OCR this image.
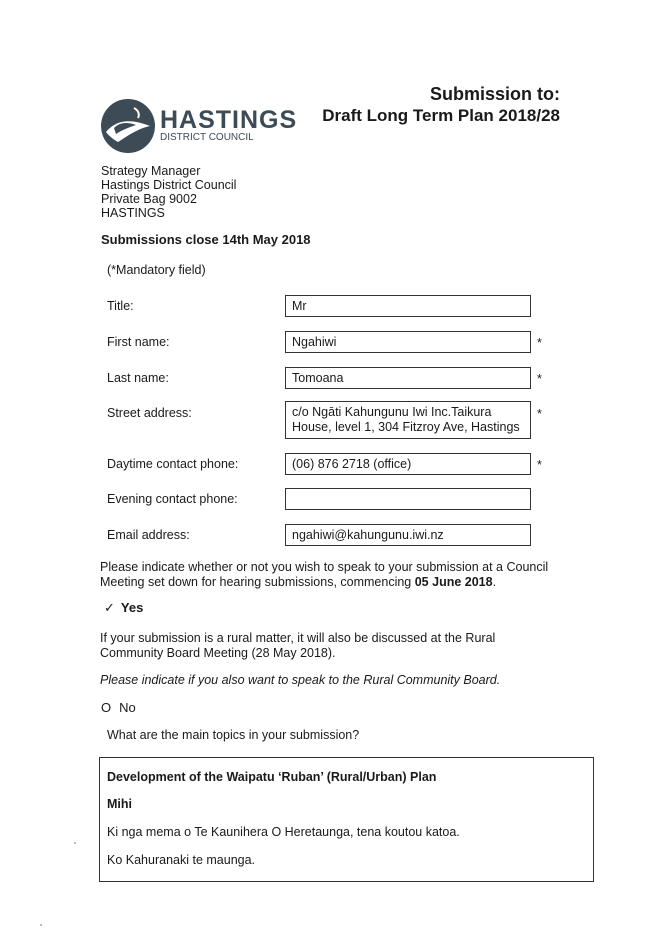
Submission to:
Draft Long Term Plan 2018/28
HASTINGS
DISTRICT COUNCIL
Strategy Manager
Hastings District Council
Private Bag 9002
HASTINGS
Submissions close 14th May 2018
(*Mandatory field)
Title:	Mr
First name:	Ngahiwi	*
Last name:	Tomoana	*
Street address:	c/o Ngāti Kahungunu Iwi Inc.Taikura
House, level 1, 304 Fitzroy Ave, Hastings
*
Daytime contact phone:	(06) 876 2718 (office)	*
Evening contact phone:
Email address:	ngahiwi@kahungunu.iwi.nz
Please indicate whether or not you wish to speak to your submission at a Council Meeting set down for hearing submissions, commencing 05 June 2018.
✓ Yes
If your submission is a rural matter, it will also be discussed at the Rural Community Board Meeting (28 May 2018).
Please indicate if you also want to speak to the Rural Community Board.
O No
What are the main topics in your submission?
Development of the Waipatu ‘Ruban’ (Rural/Urban) Plan
Mihi
Ki nga mema o Te Kaunihera O Heretaunga, tena koutou katoa.
Ko Kahuranaki te maunga.
